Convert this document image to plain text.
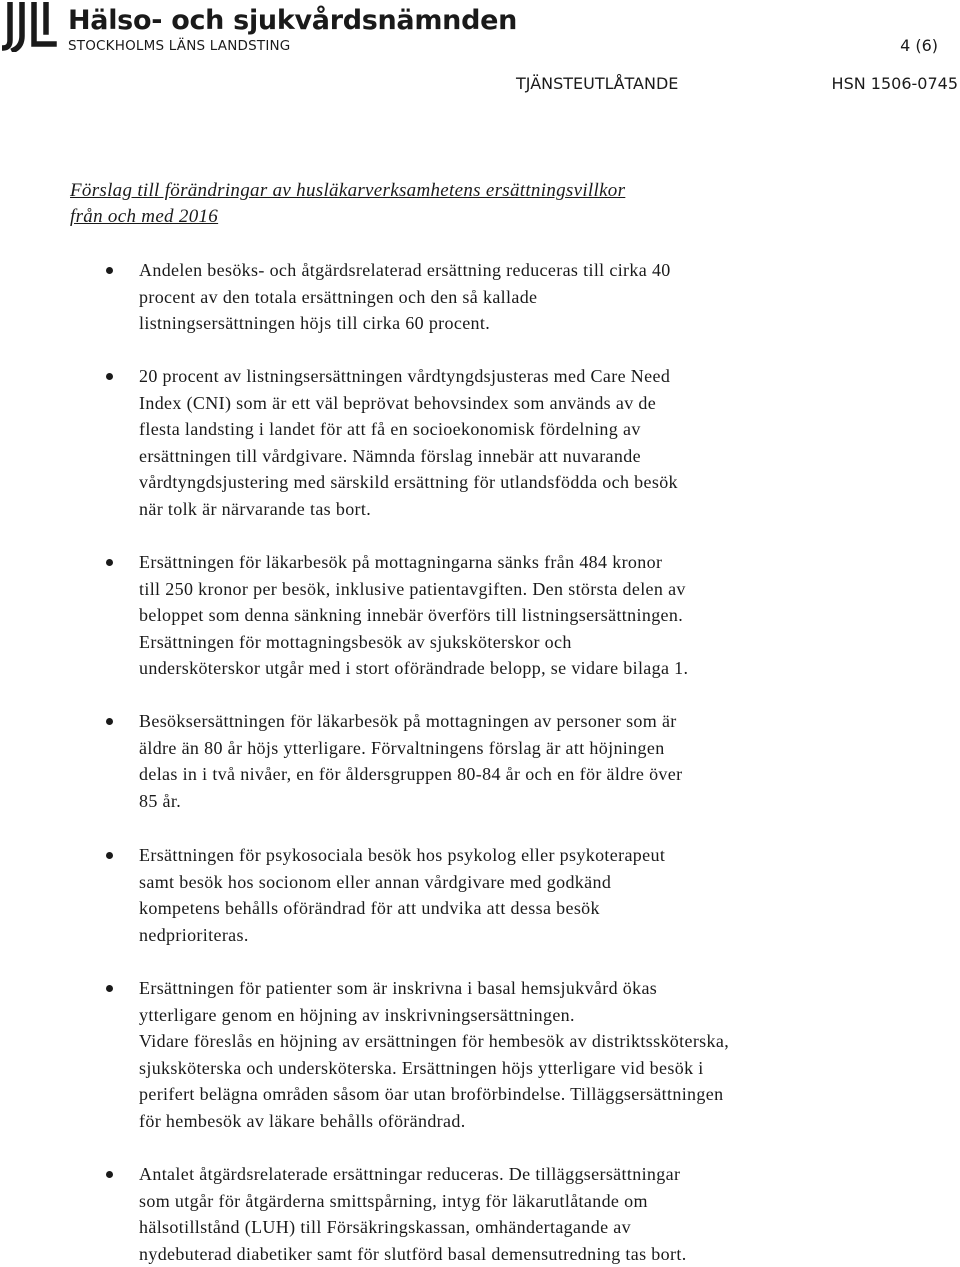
Hälso- och sjukvårdsnämnden
STOCKHOLMS LÄNS LANDSTING	4 (6)
TJÄNSTEUTLÅTANDE	HSN 1506-0745
Förslag till förändringar av husläkarverksamhetens ersättningsvillkor
från och med 2016
Andelen besöks- och åtgärdsrelaterad ersättning reduceras till cirka 40
procent av den totala ersättningen och den så kallade
listningsersättningen höjs till cirka 60 procent.
20 procent av listningsersättningen vårdtyngdsjusteras med Care Need
Index (CNI) som är ett väl beprövat behovsindex som används av de
flesta landsting i landet för att få en socioekonomisk fördelning av
ersättningen till vårdgivare. Nämnda förslag innebär att nuvarande
vårdtyngdsjustering med särskild ersättning för utlandsfödda och besök
när tolk är närvarande tas bort.
Ersättningen för läkarbesök på mottagningarna sänks från 484 kronor
till 250 kronor per besök, inklusive patientavgiften. Den största delen av
beloppet som denna sänkning innebär överförs till listningsersättningen.
Ersättningen för mottagningsbesök av sjuksköterskor och
undersköterskor utgår med i stort oförändrade belopp, se vidare bilaga 1.
Besöksersättningen för läkarbesök på mottagningen av personer som är
äldre än 80 år höjs ytterligare. Förvaltningens förslag är att höjningen
delas in i två nivåer, en för åldersgruppen 80-84 år och en för äldre över
85 år.
Ersättningen för psykosociala besök hos psykolog eller psykoterapeut
samt besök hos socionom eller annan vårdgivare med godkänd
kompetens behålls oförändrad för att undvika att dessa besök
nedprioriteras.
Ersättningen för patienter som är inskrivna i basal hemsjukvård ökas
ytterligare genom en höjning av inskrivningsersättningen.
Vidare föreslås en höjning av ersättningen för hembesök av distriktssköterska,
sjuksköterska och undersköterska. Ersättningen höjs ytterligare vid besök i
perifert belägna områden såsom öar utan broförbindelse. Tilläggsersättningen
för hembesök av läkare behålls oförändrad.
Antalet åtgärdsrelaterade ersättningar reduceras. De tilläggsersättningar
som utgår för åtgärderna smittspårning, intyg för läkarutlåtande om
hälsotillstånd (LUH) till Försäkringskassan, omhändertagande av
nydebuterad diabetiker samt för slutförd basal demensutredning tas bort.
